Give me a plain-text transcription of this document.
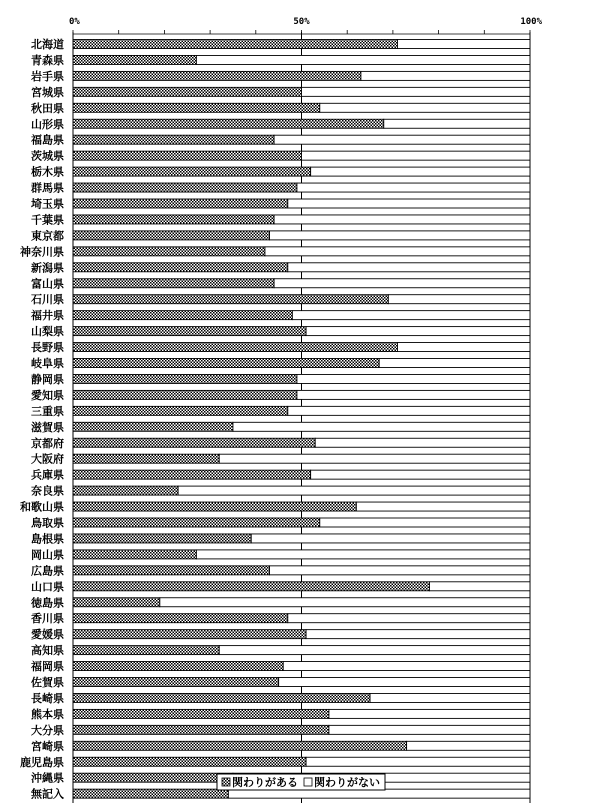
0%	50%	100%
北海道
青森県
岩手県
宮城県
秋田県
山形県
福島県
茨城県
栃木県
群馬県
埼玉県
千葉県
東京都
神奈川県
新潟県
富山県
石川県
福井県
山梨県
長野県
岐阜県
静岡県
愛知県
三重県
滋賀県
京都府
大阪府
兵庫県
奈良県
和歌山県
鳥取県
島根県
岡山県
広島県
山口県
徳島県
香川県
愛媛県
高知県
福岡県
佐賀県
長崎県
熊本県
大分県
宮崎県
鹿児島県
沖縄県
無記入
関わりがある 関わりがない
